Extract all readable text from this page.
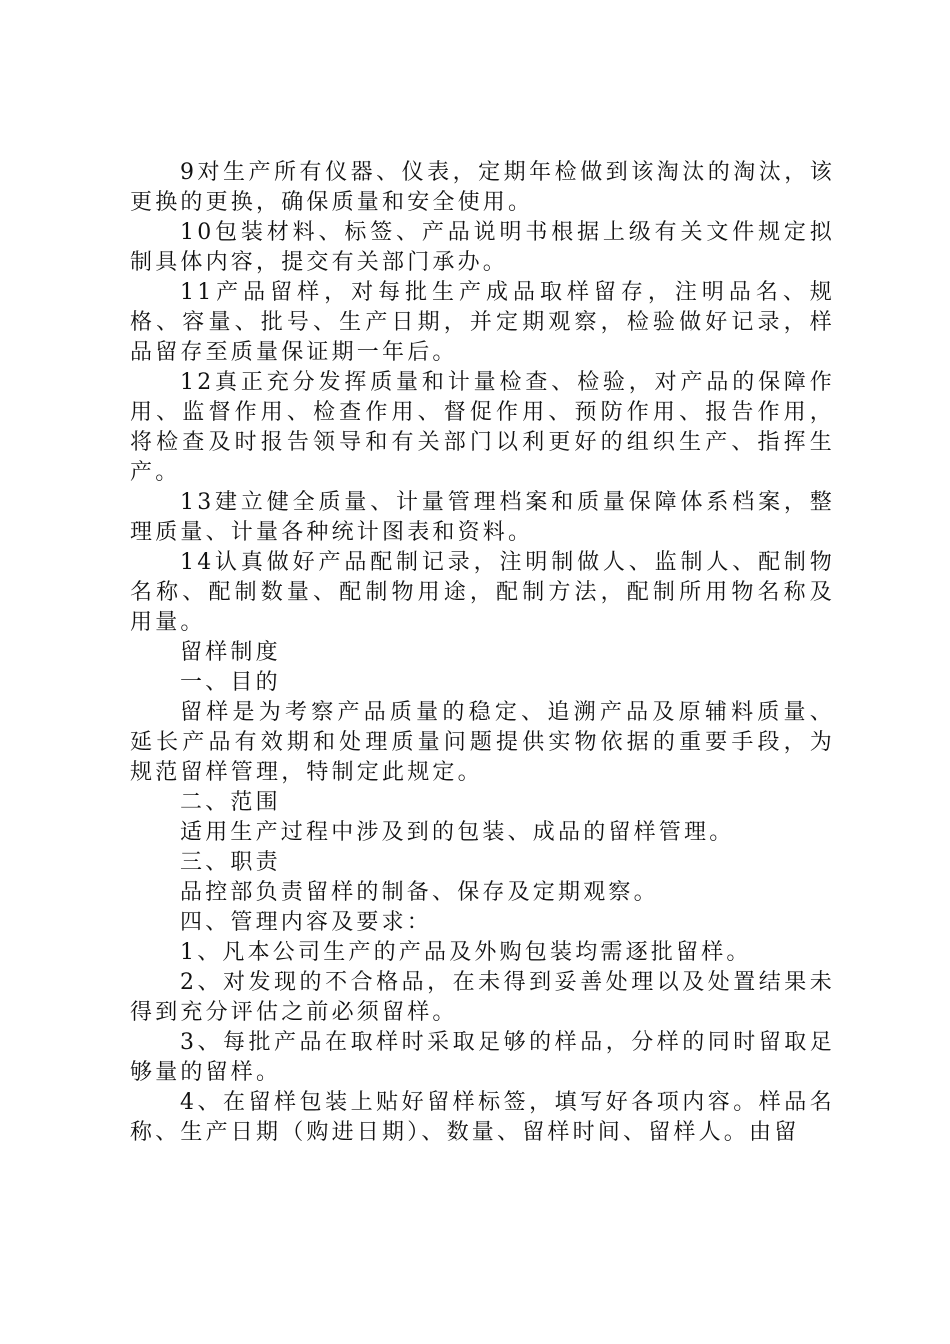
9对生产所有仪器、仪表，定期年检做到该淘汰的淘汰，该更换的更换，确保质量和安全使用。

10包装材料、标签、产品说明书根据上级有关文件规定拟制具体内容，提交有关部门承办。

11产品留样，对每批生产成品取样留存，注明品名、规格、容量、批号、生产日期，并定期观察，检验做好记录，样品留存至质量保证期一年后。

12真正充分发挥质量和计量检查、检验，对产品的保障作用、监督作用、检查作用、督促作用、预防作用、报告作用，将检查及时报告领导和有关部门以利更好的组织生产、指挥生产。

13建立健全质量、计量管理档案和质量保障体系档案，整理质量、计量各种统计图表和资料。

14认真做好产品配制记录，注明制做人、监制人、配制物名称、配制数量、配制物用途，配制方法，配制所用物名称及用量。

留样制度

一、目的

留样是为考察产品质量的稳定、追溯产品及原辅料质量、延长产品有效期和处理质量问题提供实物依据的重要手段，为规范留样管理，特制定此规定。

二、范围

适用生产过程中涉及到的包装、成品的留样管理。

三、职责

品控部负责留样的制备、保存及定期观察。

四、管理内容及要求：

1、凡本公司生产的产品及外购包装均需逐批留样。

2、对发现的不合格品，在未得到妥善处理以及处置结果未得到充分评估之前必须留样。

3、每批产品在取样时采取足够的样品，分样的同时留取足够量的留样。

4、在留样包装上贴好留样标签，填写好各项内容。样品名称、生产日期（购进日期）、数量、留样时间、留样人。由留
